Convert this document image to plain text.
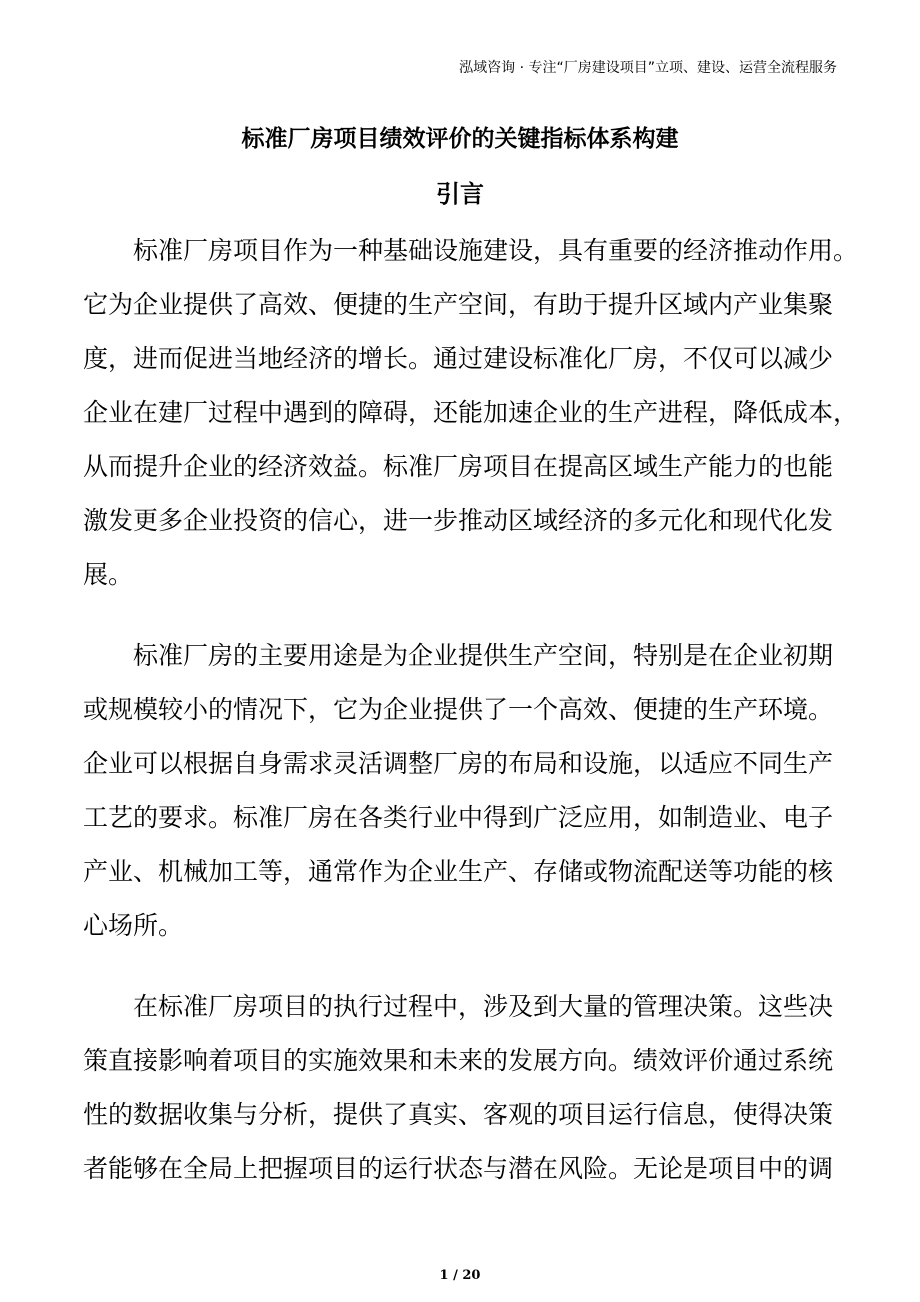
泓域咨询 · 专注“厂房建设项目”立项、建设、运营全流程服务
标准厂房项目绩效评价的关键指标体系构建
引言
标准厂房项目作为一种基础设施建设，具有重要的经济推动作用。
它为企业提供了高效、便捷的生产空间，有助于提升区域内产业集聚
度，进而促进当地经济的增长。通过建设标准化厂房，不仅可以减少
企业在建厂过程中遇到的障碍，还能加速企业的生产进程，降低成本，
从而提升企业的经济效益。标准厂房项目在提高区域生产能力的也能
激发更多企业投资的信心，进一步推动区域经济的多元化和现代化发
展。
标准厂房的主要用途是为企业提供生产空间，特别是在企业初期
或规模较小的情况下，它为企业提供了一个高效、便捷的生产环境。
企业可以根据自身需求灵活调整厂房的布局和设施，以适应不同生产
工艺的要求。标准厂房在各类行业中得到广泛应用，如制造业、电子
产业、机械加工等，通常作为企业生产、存储或物流配送等功能的核
心场所。
在标准厂房项目的执行过程中，涉及到大量的管理决策。这些决
策直接影响着项目的实施效果和未来的发展方向。绩效评价通过系统
性的数据收集与分析，提供了真实、客观的项目运行信息，使得决策
者能够在全局上把握项目的运行状态与潜在风险。无论是项目中的调
1 / 20
